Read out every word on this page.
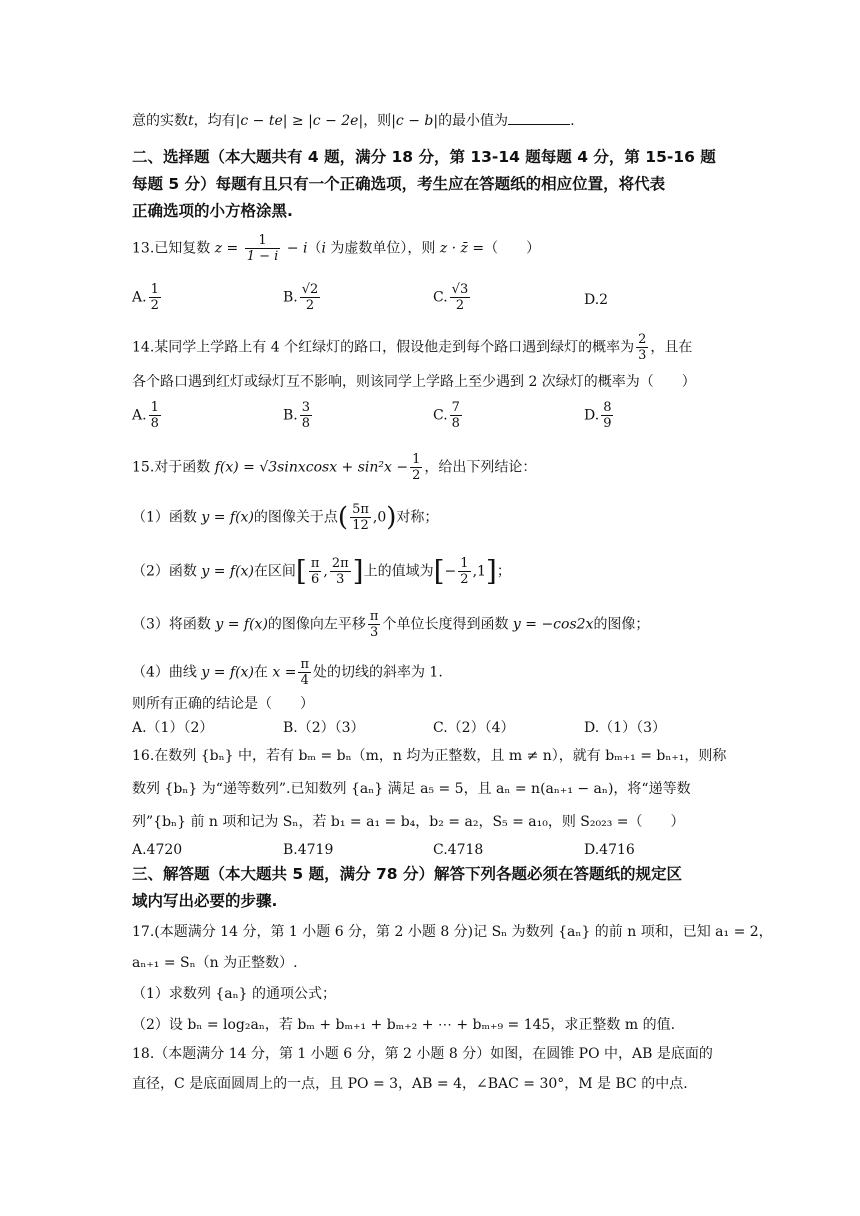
意的实数t，均有|c − te| ≥ |c − 2e|，则|c − b|的最小值为	.
二、选择题（本大题共有 4 题，满分 18 分，第 13-14 题每题 4 分，第 15-16 题
每题 5 分）每题有且只有一个正确选项，考生应在答题纸的相应位置，将代表
正确选项的小方格涂黑.
13.已知复数 $z = \frac{1}{1 - i} - i(i$ 为虚数单位），则 z · z̄ =（　　）
A. $\frac{1}{2}$	B. $\frac{√2}{2}$	C. $\frac{√3}{2}$	D.2
14.某同学上学路上有 4 个红绿灯的路口，假设他走到每个路口遇到绿灯的概率为 $\frac{2}{3}$ ，且在
各个路口遇到红灯或绿灯互不影响，则该同学上学路上至少遇到 2 次绿灯的概率为（　　）
A. $\frac{1}{8}$	B. $\frac{3}{8}$	C. $\frac{7}{8}$	D. $\frac{8}{9}$
15.对于函数 f(x) = √3sinxcosx + $\sin^2x - \frac{1}{2}$ ，给出下列结论：
（1）函数 y = f(x)的图像关于点( $\frac{5\pi}{12} ,0$)对称；
（2）函数 y = f(x)在区间[ $\frac{\pi}{6}$ , $\frac{2\pi}{3}$ ]上的值域为[− $\frac{1}{2} ,1$]；
（3）将函数 y = f(x)的图像向左平移 $\frac{\pi}{3}$ 个单位长度得到函数 y = −cos2x的图像；
（4）曲线 y = f(x)在 $x = \frac{\pi}{4}$ 处的切线的斜率为 1.
则所有正确的结论是（　　）
A.（1）（2）	B.（2）（3）	C.（2）（4）	D.（1）（3）
16.在数列 {bₙ} 中，若有 bₘ = bₙ（m，n 均为正整数，且 m ≠ n），就有 bₘ₊₁ = bₙ₊₁，则称
数列 {bₙ} 为“递等数列”.已知数列 {aₙ} 满足 a₅ = 5，且 aₙ = n(aₙ₊₁ − aₙ)，将“递等数
列”{bₙ} 前 n 项和记为 Sₙ，若 b₁ = a₁ = b₄，b₂ = a₂，S₅ = a₁₀，则 S₂₀₂₃ =（　　）
A.4720	B.4719	C.4718	D.4716
三、解答题（本大题共 5 题，满分 78 分）解答下列各题必须在答题纸的规定区
域内写出必要的步骤.
17.(本题满分 14 分，第 1 小题 6 分，第 2 小题 8 分)记 Sₙ 为数列 {aₙ} 的前 n 项和，已知 a₁ = 2，
aₙ₊₁ = Sₙ（n 为正整数）.
（1）求数列 {aₙ} 的通项公式；
（2）设 bₙ = log₂aₙ，若 bₘ + bₘ₊₁ + bₘ₊₂ + ⋯ + bₘ₊₉ = 145，求正整数 m 的值.
18.（本题满分 14 分，第 1 小题 6 分，第 2 小题 8 分）如图，在圆锥 PO 中，AB 是底面的
直径，C 是底面圆周上的一点，且 PO = 3，AB = 4，∠BAC = 30°，M 是 BC 的中点.
